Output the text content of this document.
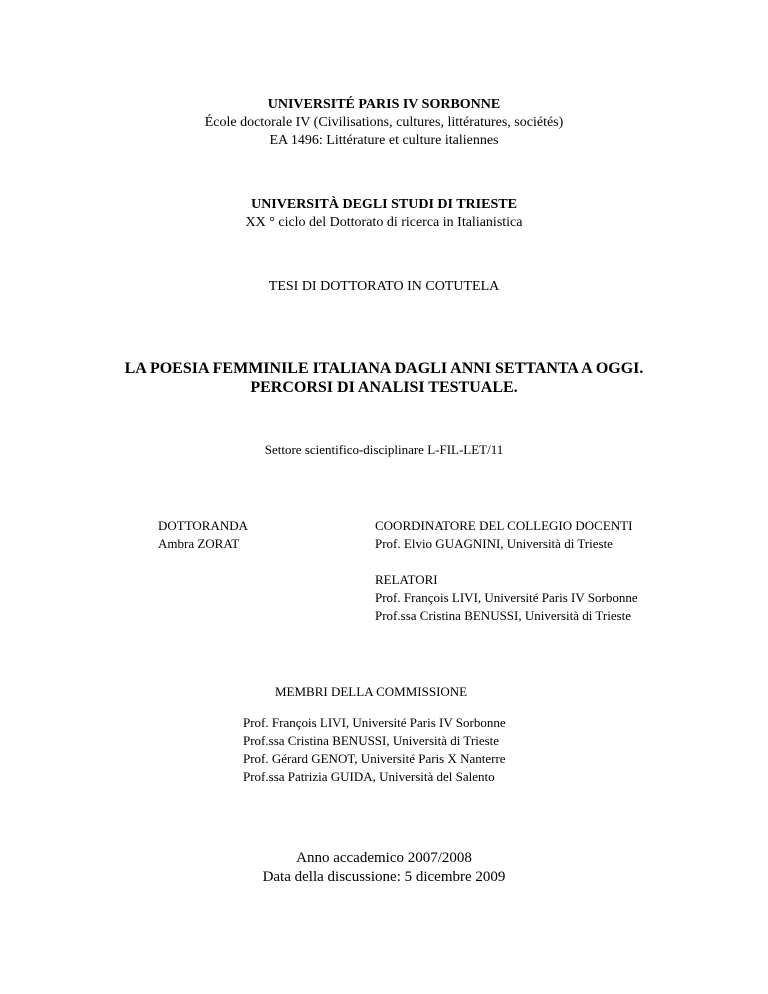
UNIVERSITÉ PARIS IV SORBONNE
École doctorale IV (Civilisations, cultures, littératures, sociétés)
EA 1496: Littérature et culture italiennes
UNIVERSITÀ DEGLI STUDI DI TRIESTE
XX ° ciclo del Dottorato di ricerca in Italianistica
TESI DI DOTTORATO IN COTUTELA
LA POESIA FEMMINILE ITALIANA DAGLI ANNI SETTANTA A OGGI.
PERCORSI DI ANALISI TESTUALE.
Settore scientifico-disciplinare L-FIL-LET/11
DOTTORANDA
Ambra ZORAT
COORDINATORE DEL COLLEGIO DOCENTI
Prof. Elvio GUAGNINI, Università di Trieste
RELATORI
Prof. François LIVI, Université Paris IV Sorbonne
Prof.ssa Cristina BENUSSI, Università di Trieste
MEMBRI DELLA COMMISSIONE
Prof. François LIVI, Université Paris IV Sorbonne
Prof.ssa Cristina BENUSSI, Università di Trieste
Prof. Gérard GENOT, Université Paris X Nanterre
Prof.ssa Patrizia GUIDA, Università del Salento
Anno accademico 2007/2008
Data della discussione: 5 dicembre 2009
